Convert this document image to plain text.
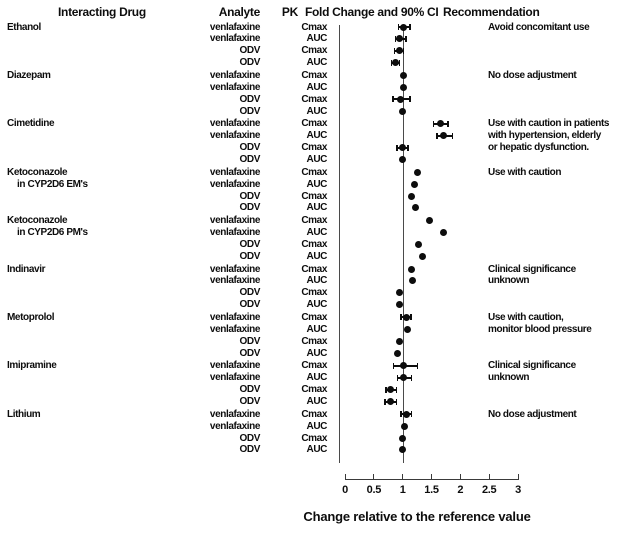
Interacting Drug	Analyte	PK Fold Change and 90% CI Recommendation
0 0.5 1 1.5 2 2.5 3
Ethanol	venlafaxine	Cmax	Avoid concomitant use
venlafaxine	AUC
ODV	Cmax
ODV	AUC
Diazepam	venlafaxine	Cmax	No dose adjustment
venlafaxine	AUC
ODV	Cmax
ODV	AUC
Cimetidine	venlafaxine	Cmax	Use with caution in patients
venlafaxine	AUC	with hypertension, elderly
ODV	Cmax	or hepatic dysfunction.
ODV	AUC
Ketoconazole	venlafaxine	Cmax	Use with caution
in CYP2D6 EM's	venlafaxine	AUC
ODV	Cmax
ODV	AUC
Ketoconazole	venlafaxine	Cmax
in CYP2D6 PM's	venlafaxine	AUC
ODV	Cmax
ODV	AUC
Indinavir	venlafaxine	Cmax	Clinical significance
venlafaxine	AUC	unknown
ODV	Cmax
ODV	AUC
Metoprolol	venlafaxine	Cmax	Use with caution,
venlafaxine	AUC	monitor blood pressure
ODV	Cmax
ODV	AUC
Imipramine	venlafaxine	Cmax	Clinical significance
venlafaxine	AUC	unknown
ODV	Cmax
ODV	AUC
Lithium	venlafaxine	Cmax	No dose adjustment
venlafaxine	AUC
ODV	Cmax
ODV	AUC
Change relative to the reference value
